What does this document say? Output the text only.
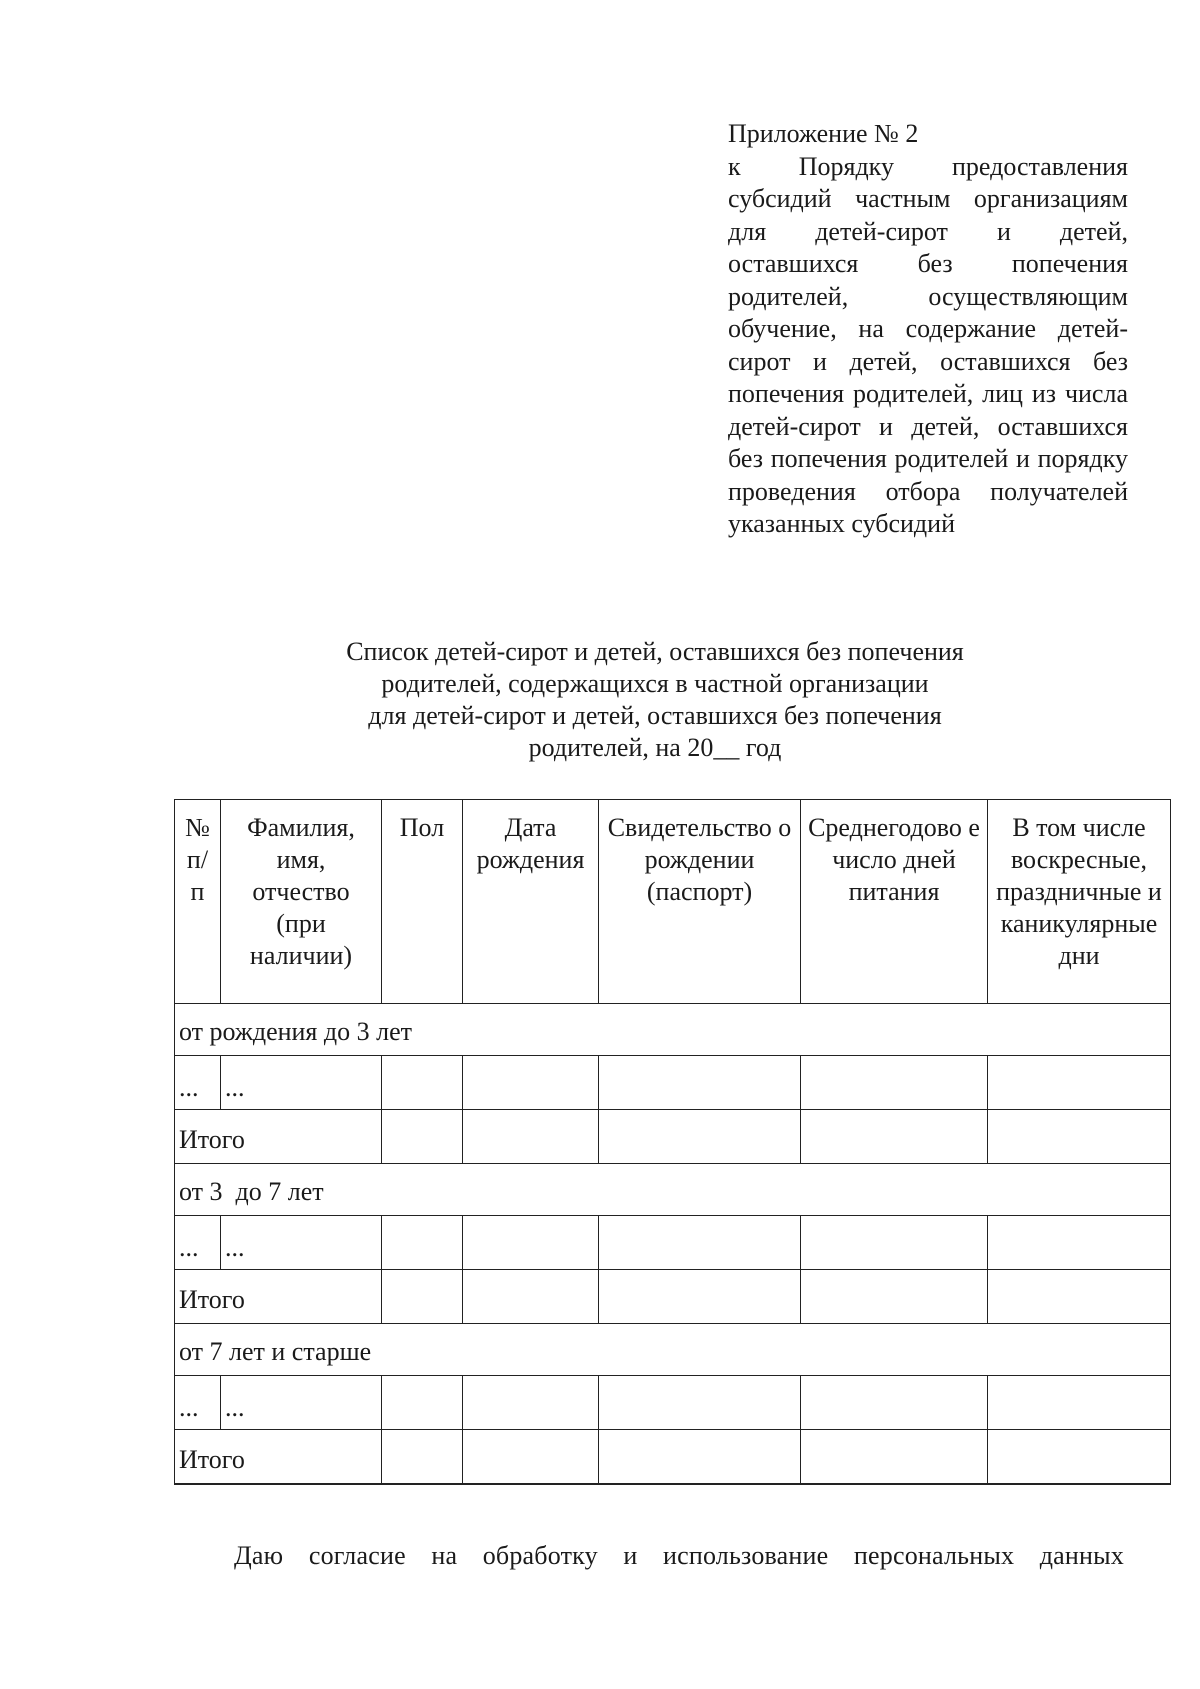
Приложение № 2
к Порядку предоставления субсидий частным организациям для детей-сирот и детей, оставшихся без попечения родителей, осуществляющим обучение, на содержание детей-сирот и детей, оставшихся без попечения родителей, лиц из числа детей-сирот и детей, оставшихся без попечения родителей и порядку проведения отбора получателей указанных субсидий
Список детей-сирот и детей, оставшихся без попечения
родителей, содержащихся в частной организации
для детей-сирот и детей, оставшихся без попечения
родителей, на 20__ год
№ п/ п	Фамилия, имя, отчество (при наличии)	Пол	Дата рождения	Свидетельство о рождении (паспорт)	Среднегодово е число дней питания	В том числе воскресные, праздничные и каникулярные дни
от рождения до 3 лет						
...	...					
Итого						
от 3  до 7 лет						
...	...					
Итого						
от 7 лет и старше						
...	...					
Итого						
Даю согласие на обработку и использование персональных данных
